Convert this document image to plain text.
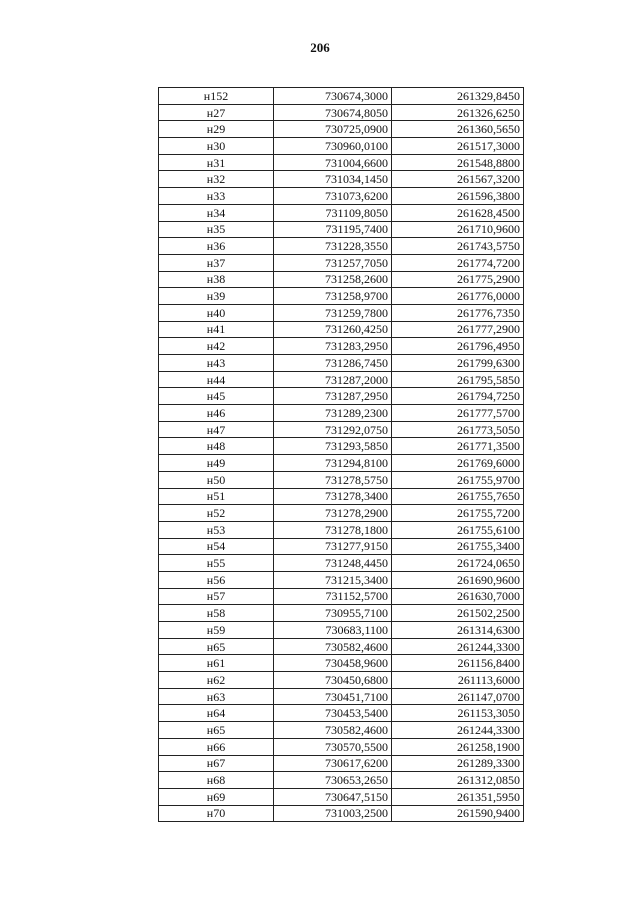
206
н152	730674,3000	261329,8450
н27	730674,8050	261326,6250
н29	730725,0900	261360,5650
н30	730960,0100	261517,3000
н31	731004,6600	261548,8800
н32	731034,1450	261567,3200
н33	731073,6200	261596,3800
н34	731109,8050	261628,4500
н35	731195,7400	261710,9600
н36	731228,3550	261743,5750
н37	731257,7050	261774,7200
н38	731258,2600	261775,2900
н39	731258,9700	261776,0000
н40	731259,7800	261776,7350
н41	731260,4250	261777,2900
н42	731283,2950	261796,4950
н43	731286,7450	261799,6300
н44	731287,2000	261795,5850
н45	731287,2950	261794,7250
н46	731289,2300	261777,5700
н47	731292,0750	261773,5050
н48	731293,5850	261771,3500
н49	731294,8100	261769,6000
н50	731278,5750	261755,9700
н51	731278,3400	261755,7650
н52	731278,2900	261755,7200
н53	731278,1800	261755,6100
н54	731277,9150	261755,3400
н55	731248,4450	261724,0650
н56	731215,3400	261690,9600
н57	731152,5700	261630,7000
н58	730955,7100	261502,2500
н59	730683,1100	261314,6300
н65	730582,4600	261244,3300
н61	730458,9600	261156,8400
н62	730450,6800	261113,6000
н63	730451,7100	261147,0700
н64	730453,5400	261153,3050
н65	730582,4600	261244,3300
н66	730570,5500	261258,1900
н67	730617,6200	261289,3300
н68	730653,2650	261312,0850
н69	730647,5150	261351,5950
н70	731003,2500	261590,9400
